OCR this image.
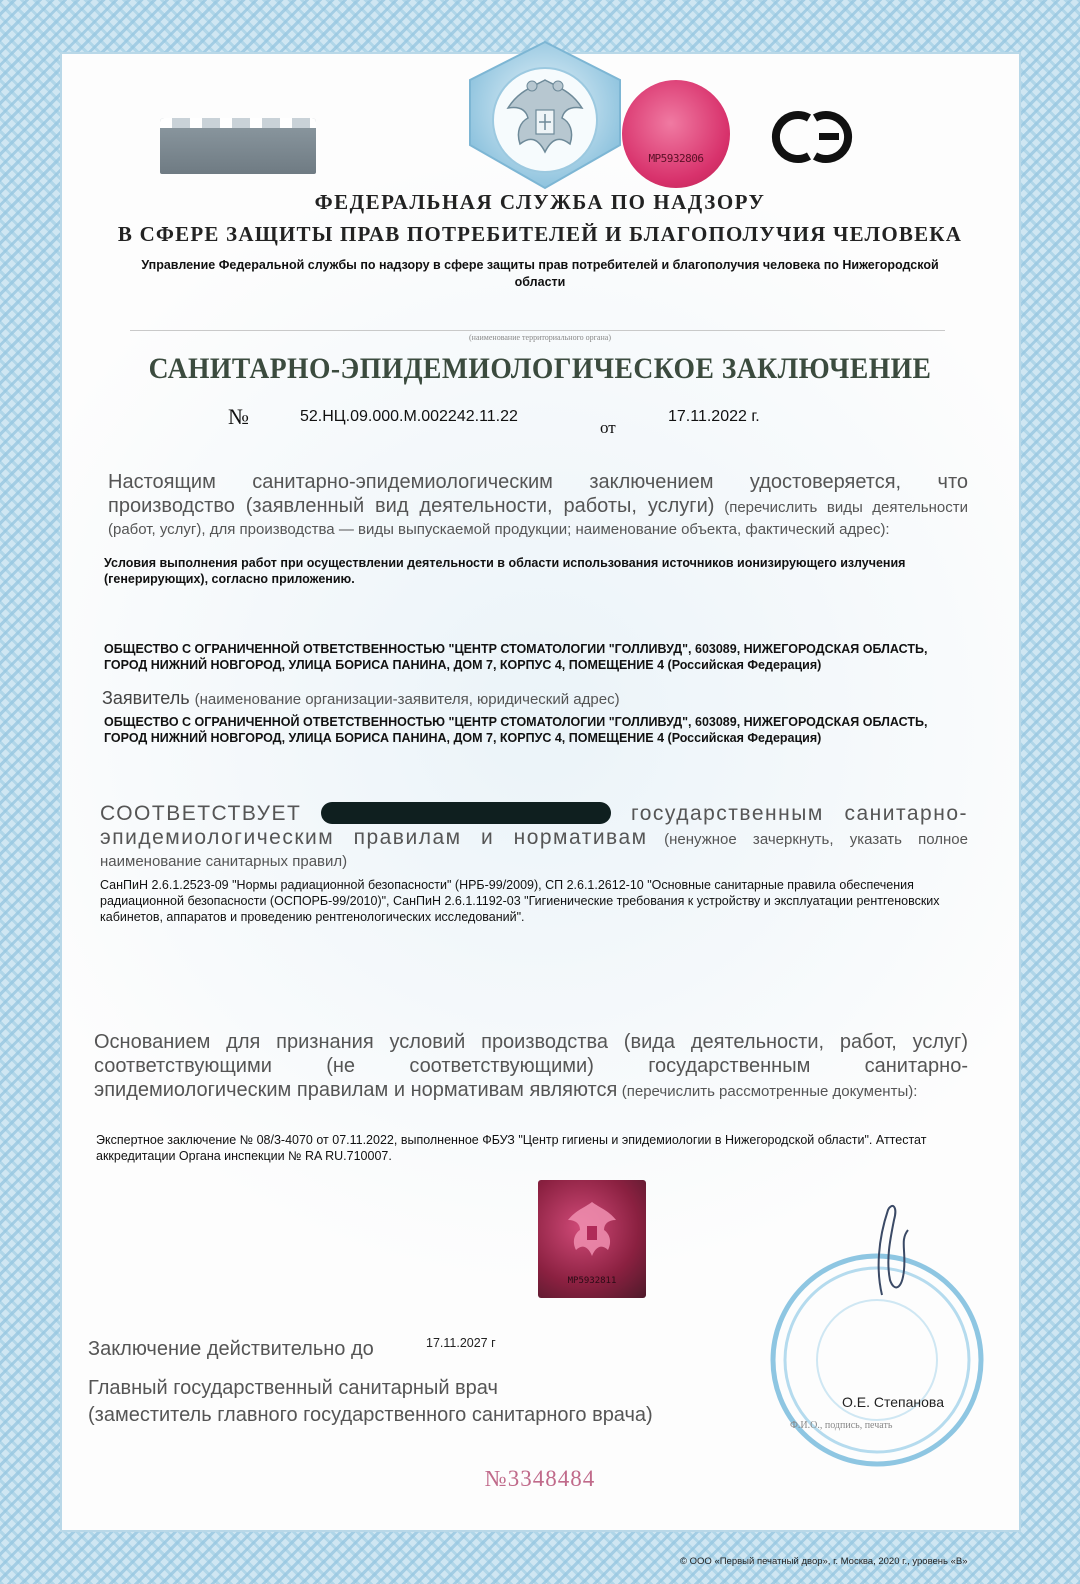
МР5932806
ФЕДЕРАЛЬНАЯ СЛУЖБА ПО НАДЗОРУ
В СФЕРЕ ЗАЩИТЫ ПРАВ ПОТРЕБИТЕЛЕЙ И БЛАГОПОЛУЧИЯ ЧЕЛОВЕКА
Управление Федеральной службы по надзору в сфере защиты прав потребителей и благополучия человека по Нижегородской области
(наименование территориального органа)
САНИТАРНО-ЭПИДЕМИОЛОГИЧЕСКОЕ ЗАКЛЮЧЕНИЕ
№	52.НЦ.09.000.М.002242.11.22
от
17.11.2022 г.
Настоящим санитарно-эпидемиологическим заключением удостоверяется, что производство (заявленный вид деятельности, работы, услуги) (перечислить виды деятельности (работ, услуг), для производства — виды выпускаемой продукции; наименование объекта, фактический адрес):
Условия выполнения работ при осуществлении деятельности в области использования источников ионизирующего излучения (генерирующих), согласно приложению.
ОБЩЕСТВО С ОГРАНИЧЕННОЙ ОТВЕТСТВЕННОСТЬЮ "ЦЕНТР СТОМАТОЛОГИИ "ГОЛЛИВУД", 603089, НИЖЕГОРОДСКАЯ ОБЛАСТЬ, ГОРОД НИЖНИЙ НОВГОРОД, УЛИЦА БОРИСА ПАНИНА, ДОМ 7, КОРПУС 4, ПОМЕЩЕНИЕ 4 (Российская Федерация)
Заявитель (наименование организации-заявителя, юридический адрес)
ОБЩЕСТВО С ОГРАНИЧЕННОЙ ОТВЕТСТВЕННОСТЬЮ "ЦЕНТР СТОМАТОЛОГИИ "ГОЛЛИВУД", 603089, НИЖЕГОРОДСКАЯ ОБЛАСТЬ, ГОРОД НИЖНИЙ НОВГОРОД, УЛИЦА БОРИСА ПАНИНА, ДОМ 7, КОРПУС 4, ПОМЕЩЕНИЕ 4 (Российская Федерация)
СООТВЕТСТВУЕТ	государственным санитарно-эпидемиологическим правилам и нормативам (ненужное зачеркнуть, указать полное наименование санитарных правил)
СанПиН 2.6.1.2523-09 "Нормы радиационной безопасности" (НРБ-99/2009), СП 2.6.1.2612-10 "Основные санитарные правила обеспечения радиационной безопасности (ОСПОРБ-99/2010)", СанПиН 2.6.1.1192-03 "Гигиенические требования к устройству и эксплуатации рентгеновских кабинетов, аппаратов и проведению рентгенологических исследований".
Основанием для признания условий производства (вида деятельности, работ, услуг) соответствующими (не соответствующими) государственным санитарно-эпидемиологическим правилам и нормативам являются (перечислить рассмотренные документы):
Экспертное заключение № 08/3-4070 от 07.11.2022, выполненное ФБУЗ "Центр гигиены и эпидемиологии в Нижегородской области". Аттестат аккредитации Органа инспекции № RA RU.710007.
МР5932811
Заключение действительно до	17.11.2027 г
Главный государственный санитарный врач
(заместитель главного государственного санитарного врача)
О.Е. Степанова
Ф.И.О., подпись, печать
№3348484
© ООО «Первый печатный двор», г. Москва, 2020 г., уровень «В»
